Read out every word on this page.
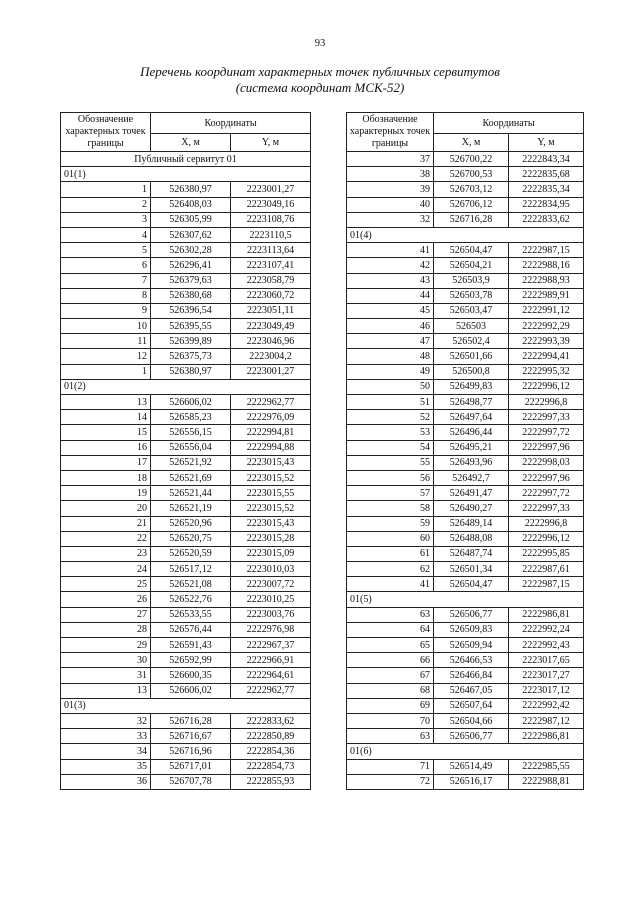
93
Перечень координат характерных точек публичных сервитутов
(система координат МСК-52)
Обозначение характерных точек границы	Координаты	
	X, м	Y, м
Публичный сервитут 01		
01(1)		
1	526380,97	2223001,27
2	526408,03	2223049,16
3	526305,99	2223108,76
4	526307,62	2223110,5
5	526302,28	2223113,64
6	526296,41	2223107,41
7	526379,63	2223058,79
8	526380,68	2223060,72
9	526396,54	2223051,11
10	526395,55	2223049,49
11	526399,89	2223046,96
12	526375,73	2223004,2
1	526380,97	2223001,27
01(2)		
13	526606,02	2222962,77
14	526585,23	2222976,09
15	526556,15	2222994,81
16	526556,04	2222994,88
17	526521,92	2223015,43
18	526521,69	2223015,52
19	526521,44	2223015,55
20	526521,19	2223015,52
21	526520,96	2223015,43
22	526520,75	2223015,28
23	526520,59	2223015,09
24	526517,12	2223010,03
25	526521,08	2223007,72
26	526522,76	2223010,25
27	526533,55	2223003,76
28	526576,44	2222976,98
29	526591,43	2222967,37
30	526592,99	2222966,91
31	526600,35	2222964,61
13	526606,02	2222962,77
01(3)		
32	526716,28	2222833,62
33	526716,67	2222850,89
34	526716,96	2222854,36
35	526717,01	2222854,73
36	526707,78	2222855,93
Обозначение характерных точек границы	Координаты	
	X, м	Y, м
37	526700,22	2222843,34
38	526700,53	2222835,68
39	526703,12	2222835,34
40	526706,12	2222834,95
32	526716,28	2222833,62
01(4)		
41	526504,47	2222987,15
42	526504,21	2222988,16
43	526503,9	2222988,93
44	526503,78	2222989,91
45	526503,47	2222991,12
46	526503	2222992,29
47	526502,4	2222993,39
48	526501,66	2222994,41
49	526500,8	2222995,32
50	526499,83	2222996,12
51	526498,77	2222996,8
52	526497,64	2222997,33
53	526496,44	2222997,72
54	526495,21	2222997,96
55	526493,96	2222998,03
56	526492,7	2222997,96
57	526491,47	2222997,72
58	526490,27	2222997,33
59	526489,14	2222996,8
60	526488,08	2222996,12
61	526487,74	2222995,85
62	526501,34	2222987,61
41	526504,47	2222987,15
01(5)		
63	526506,77	2222986,81
64	526509,83	2222992,24
65	526509,94	2222992,43
66	526466,53	2223017,65
67	526466,84	2223017,27
68	526467,05	2223017,12
69	526507,64	2222992,42
70	526504,66	2222987,12
63	526506,77	2222986,81
01(6)		
71	526514,49	2222985,55
72	526516,17	2222988,81
